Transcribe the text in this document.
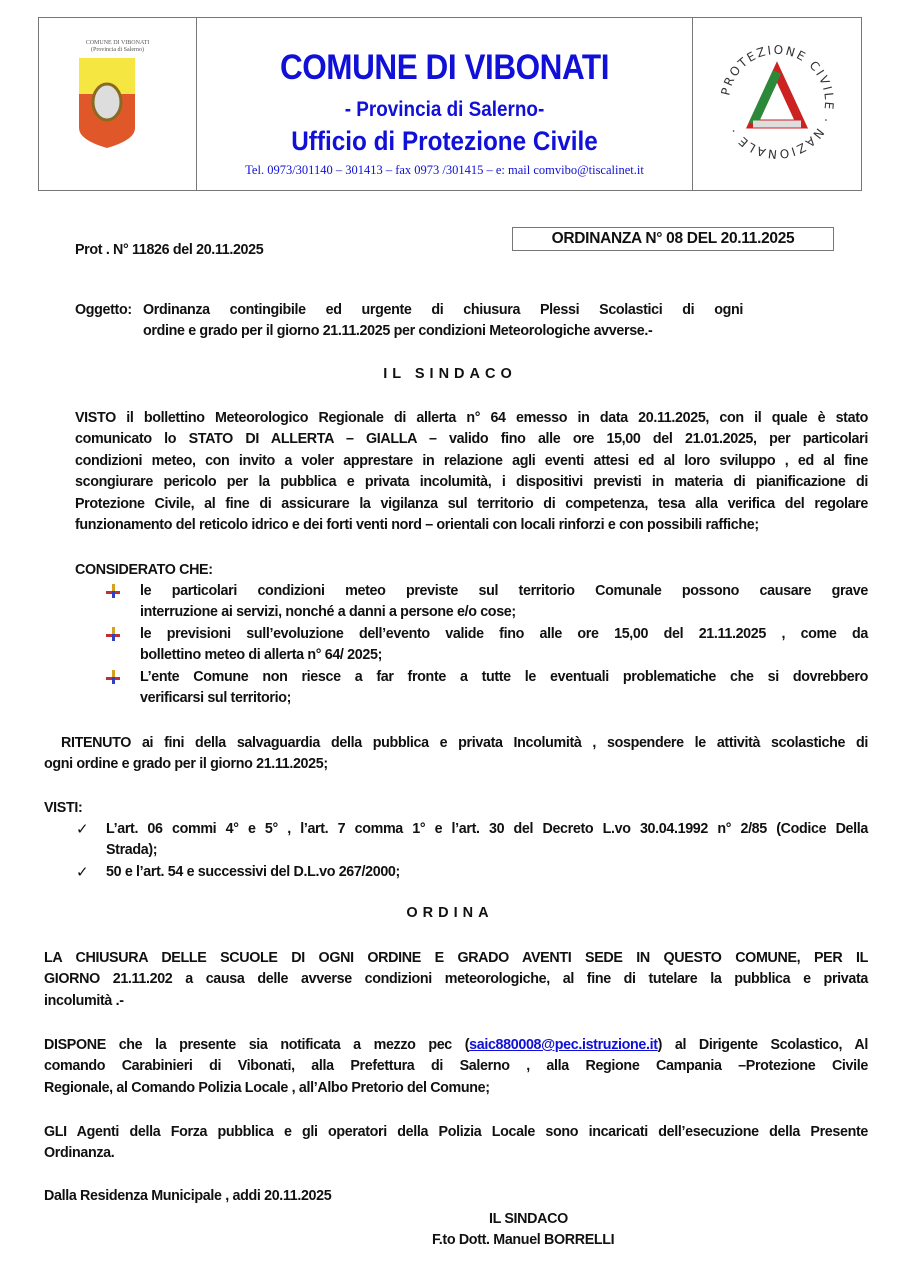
COMUNE DI VIBONATI
(Provincia di Salerno)	COMUNE DI VIBONATI
- Provincia di Salerno-
Ufficio di Protezione Civile
Tel. 0973/301140 – 301413 – fax 0973 /301415 – e: mail comvibo@tiscalinet.it
PROTEZIONE CIVILE · NAZIONALE ·
Prot . N° 11826 del 20.11.2025
ORDINANZA N° 08 DEL 20.11.2025
Oggetto: Ordinanza contingibile ed urgente di chiusura Plessi Scolastici di ogni
ordine e grado per il giorno 21.11.2025 per condizioni Meteorologiche avverse.-
IL SINDACO
VISTO il bollettino Meteorologico Regionale di allerta n° 64 emesso in data 20.11.2025, con il quale è stato
comunicato lo STATO DI ALLERTA – GIALLA – valido fino alle ore 15,00 del 21.01.2025, per particolari
condizioni meteo, con invito a voler apprestare in relazione agli eventi attesi ed al loro sviluppo , ed al fine
scongiurare pericolo per la pubblica e privata incolumità, i dispositivi previsti in materia di pianificazione di
Protezione Civile, al fine di assicurare la vigilanza sul territorio di competenza, tesa alla verifica del regolare
funzionamento del reticolo idrico e dei forti venti nord – orientali con locali rinforzi e con possibili raffiche;
CONSIDERATO CHE:
le particolari condizioni meteo previste sul territorio Comunale possono causare grave
interruzione ai servizi, nonché a danni a persone e/o cose;
le previsioni sull’evoluzione dell’evento valide fino alle ore 15,00 del 21.11.2025 , come da
bollettino meteo di allerta n° 64/ 2025;
L’ente Comune non riesce a far fronte a tutte le eventuali problematiche che si dovrebbero
verificarsi sul territorio;
RITENUTO ai fini della salvaguardia della pubblica e privata Incolumità , sospendere le attività scolastiche di
ogni ordine e grado per il giorno 21.11.2025;
VISTI:
✓ L’art. 06 commi 4° e 5° , l’art. 7 comma 1° e l’art. 30 del Decreto L.vo 30.04.1992 n° 2/85 (Codice Della
Strada);
✓ 50 e l’art. 54 e successivi del D.L.vo 267/2000;
ORDINA
LA CHIUSURA DELLE SCUOLE DI OGNI ORDINE E GRADO AVENTI SEDE IN QUESTO COMUNE, PER IL
GIORNO 21.11.202 a causa delle avverse condizioni meteorologiche, al fine di tutelare la pubblica e privata
incolumità .-
DISPONE che la presente sia notificata a mezzo pec (saic880008@pec.istruzione.it) al Dirigente Scolastico, Al
comando Carabinieri di Vibonati, alla Prefettura di Salerno , alla Regione Campania –Protezione Civile
Regionale, al Comando Polizia Locale , all’Albo Pretorio del Comune;
GLI Agenti della Forza pubblica e gli operatori della Polizia Locale sono incaricati dell’esecuzione della Presente
Ordinanza.
Dalla Residenza Municipale , addi 20.11.2025
IL SINDACO
F.to Dott. Manuel BORRELLI
